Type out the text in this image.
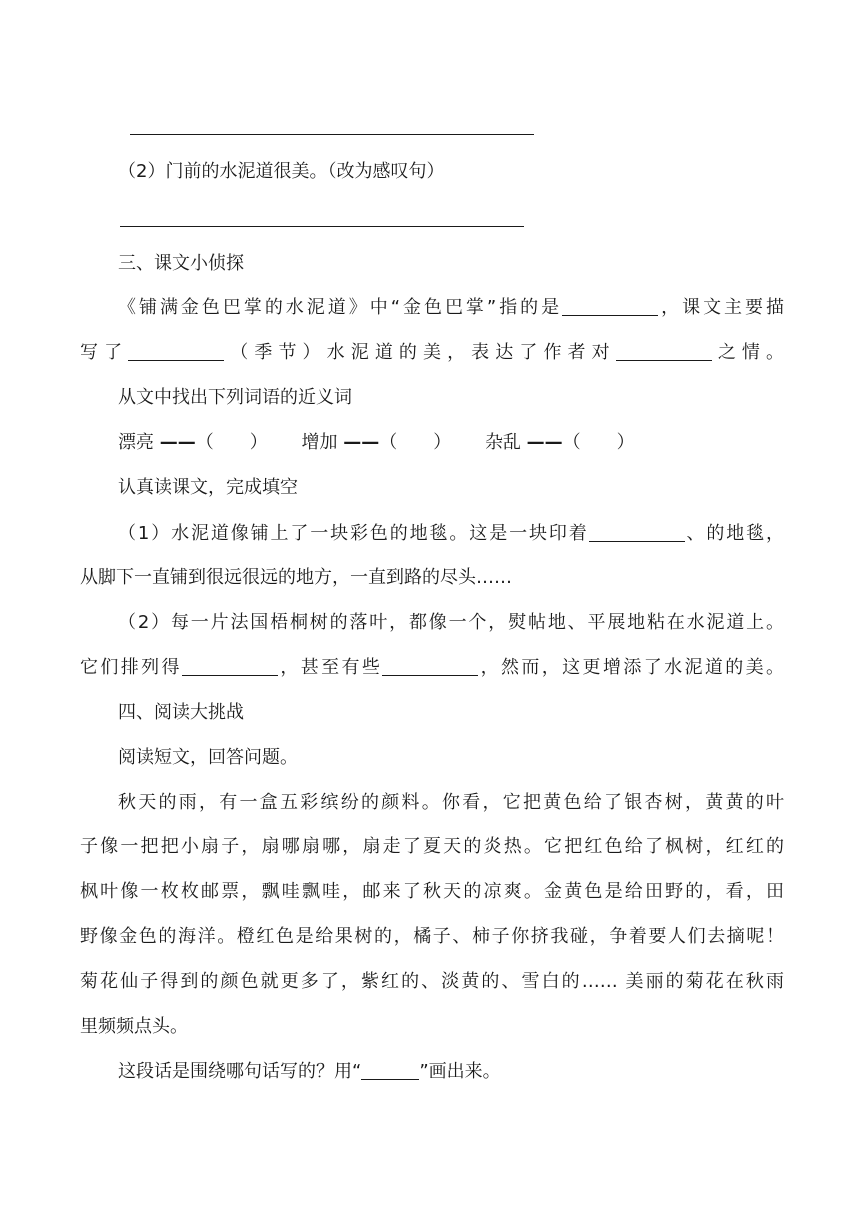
（2）门前的水泥道很美。（改为感叹句）
三、课文小侦探
《铺满金色巴掌的水泥道》中“金色巴掌”指的是	，课文主要描
写了	（季节）水泥道的美，表达了作者对	之情。
从文中找出下列词语的近义词
漂亮 ——（　　） 增加 ——（　　） 杂乱 ——（　　）
认真读课文，完成填空
（1）水泥道像铺上了一块彩色的地毯。这是一块印着	、的地毯，
从脚下一直铺到很远很远的地方，一直到路的尽头……
（2）每一片法国梧桐树的落叶，都像一个，熨帖地、平展地粘在水泥道上。
它们排列得	，甚至有些	，然而，这更增添了水泥道的美。
四、阅读大挑战
阅读短文，回答问题。
秋天的雨，有一盒五彩缤纷的颜料。你看，它把黄色给了银杏树，黄黄的叶
子像一把把小扇子，扇哪扇哪，扇走了夏天的炎热。它把红色给了枫树，红红的
枫叶像一枚枚邮票，飘哇飘哇，邮来了秋天的凉爽。金黄色是给田野的，看，田
野像金色的海洋。橙红色是给果树的，橘子、柿子你挤我碰，争着要人们去摘呢！
菊花仙子得到的颜色就更多了，紫红的、淡黄的、雪白的…… 美丽的菊花在秋雨
里频频点头。
这段话是围绕哪句话写的？用“	”画出来。
